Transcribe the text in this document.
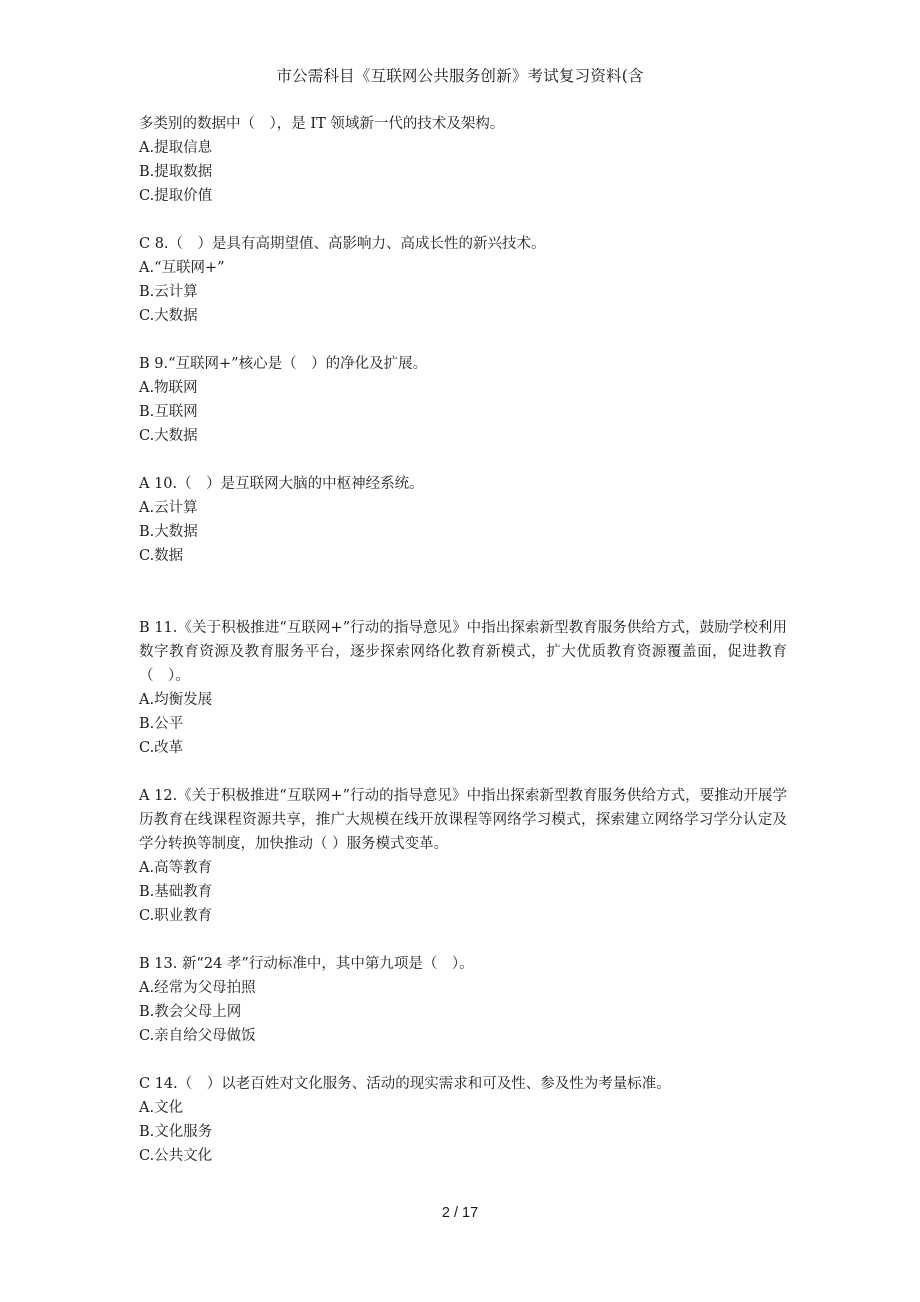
市公需科目《互联网公共服务创新》考试复习资料(含
多类别的数据中（　），是 IT 领域新一代的技术及架构。
A.提取信息
B.提取数据
C.提取价值
C 8.（　）是具有高期望值、高影响力、高成长性的新兴技术。
A.“互联网+”
B.云计算
C.大数据
B 9.“互联网+”核心是（　）的净化及扩展。
A.物联网
B.互联网
C.大数据
A 10.（　）是互联网大脑的中枢神经系统。
A.云计算
B.大数据
C.数据
B 11.《关于积极推进“互联网+”行动的指导意见》中指出探索新型教育服务供给方式，鼓励学校利用数字教育资源及教育服务平台，逐步探索网络化教育新模式，扩大优质教育资源覆盖面，促进教育（　）。
A.均衡发展
B.公平
C.改革
A 12.《关于积极推进“互联网+”行动的指导意见》中指出探索新型教育服务供给方式，要推动开展学历教育在线课程资源共享，推广大规模在线开放课程等网络学习模式，探索建立网络学习学分认定及学分转换等制度，加快推动（ ）服务模式变革。
A.高等教育
B.基础教育
C.职业教育
B 13. 新“24 孝”行动标准中，其中第九项是（　）。
A.经常为父母拍照
B.教会父母上网
C.亲自给父母做饭
C 14.（　）以老百姓对文化服务、活动的现实需求和可及性、参及性为考量标准。
A.文化
B.文化服务
C.公共文化
2 / 17
